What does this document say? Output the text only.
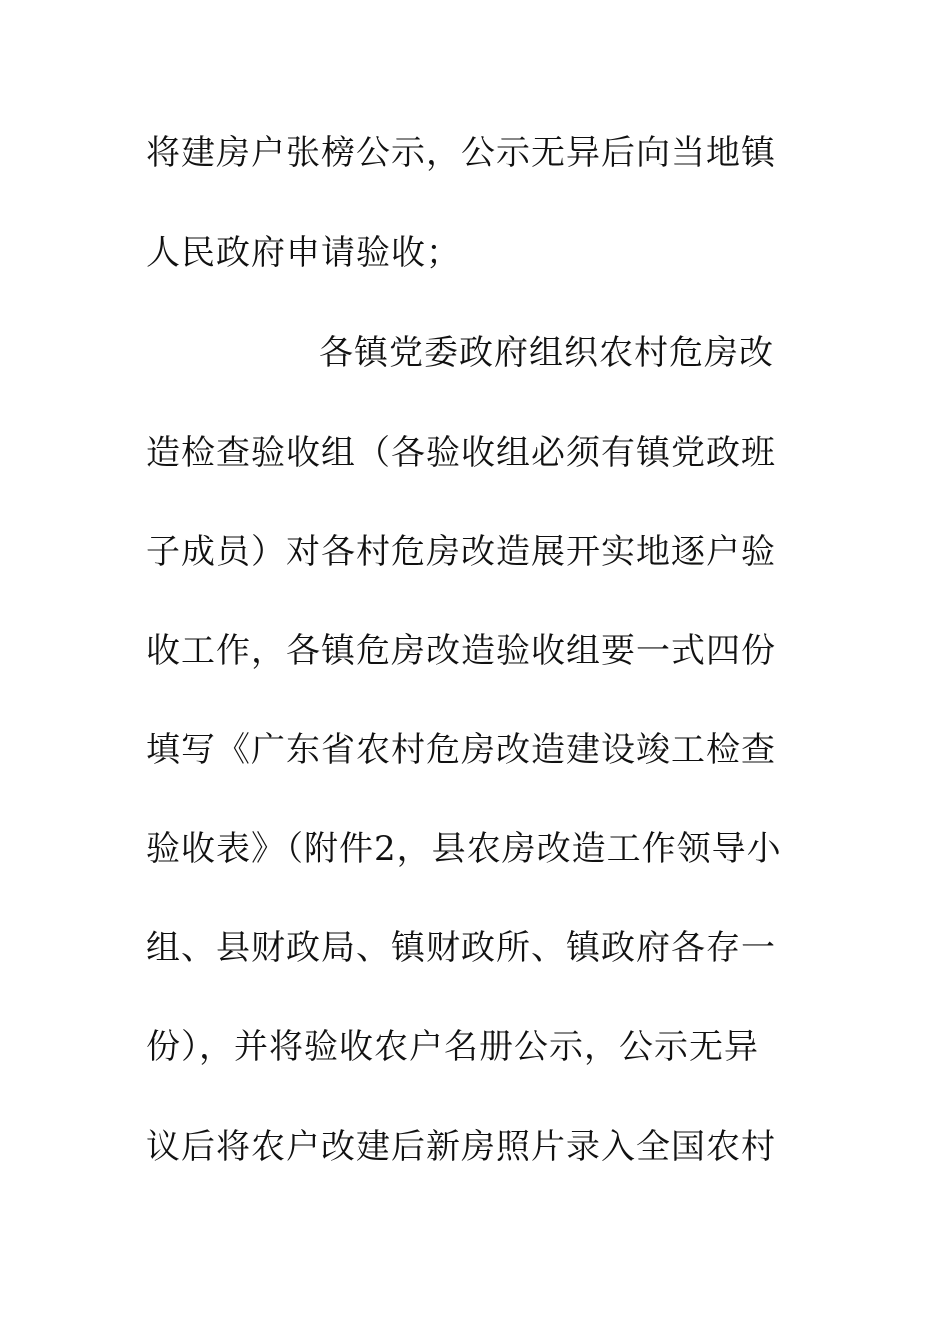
将建房户张榜公示，公示无异后向当地镇
人民政府申请验收；
各镇党委政府组织农村危房改
造检查验收组（各验收组必须有镇党政班
子成员）对各村危房改造展开实地逐户验
收工作，各镇危房改造验收组要一式四份
填写《广东省农村危房改造建设竣工检查
验收表》（附件2，县农房改造工作领导小
组、县财政局、镇财政所、镇政府各存一
份），并将验收农户名册公示，公示无异
议后将农户改建后新房照片录入全国农村
